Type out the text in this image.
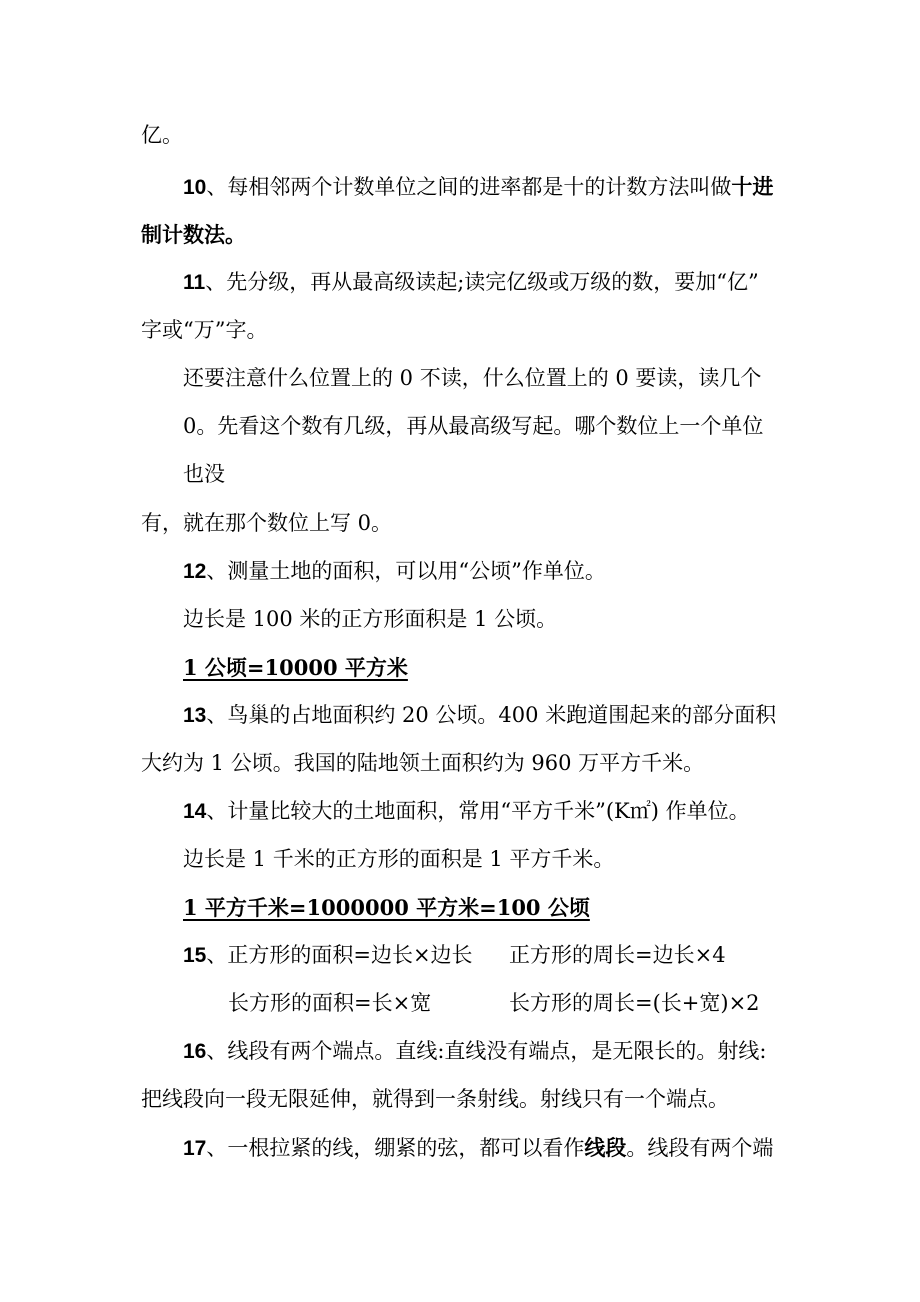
亿。
10、每相邻两个计数单位之间的进率都是十的计数方法叫做十进
制计数法。
11、先分级，再从最高级读起;读完亿级或万级的数，要加“亿”
字或“万”字。
还要注意什么位置上的 0 不读，什么位置上的 0 要读，读几个
0。先看这个数有几级，再从最高级写起。哪个数位上一个单位
也没
有，就在那个数位上写 0。
12、测量土地的面积，可以用“公顷”作单位。
边长是 100 米的正方形面积是 1 公顷。
1 公顷=10000 平方米
13、鸟巢的占地面积约 20 公顷。400 米跑道围起来的部分面积
大约为 1 公顷。我国的陆地领土面积约为 960 万平方千米。
14、计量比较大的土地面积，常用“平方千米”(K㎡) 作单位。
边长是 1 千米的正方形的面积是 1 平方千米。
1 平方千米=1000000 平方米=100 公顷
15、正方形的面积=边长×边长 正方形的周长=边长×4
长方形的面积=长×宽	长方形的周长=(长+宽)×2
16、线段有两个端点。直线:直线没有端点，是无限长的。射线:
把线段向一段无限延伸，就得到一条射线。射线只有一个端点。
17、一根拉紧的线，绷紧的弦，都可以看作线段。线段有两个端
